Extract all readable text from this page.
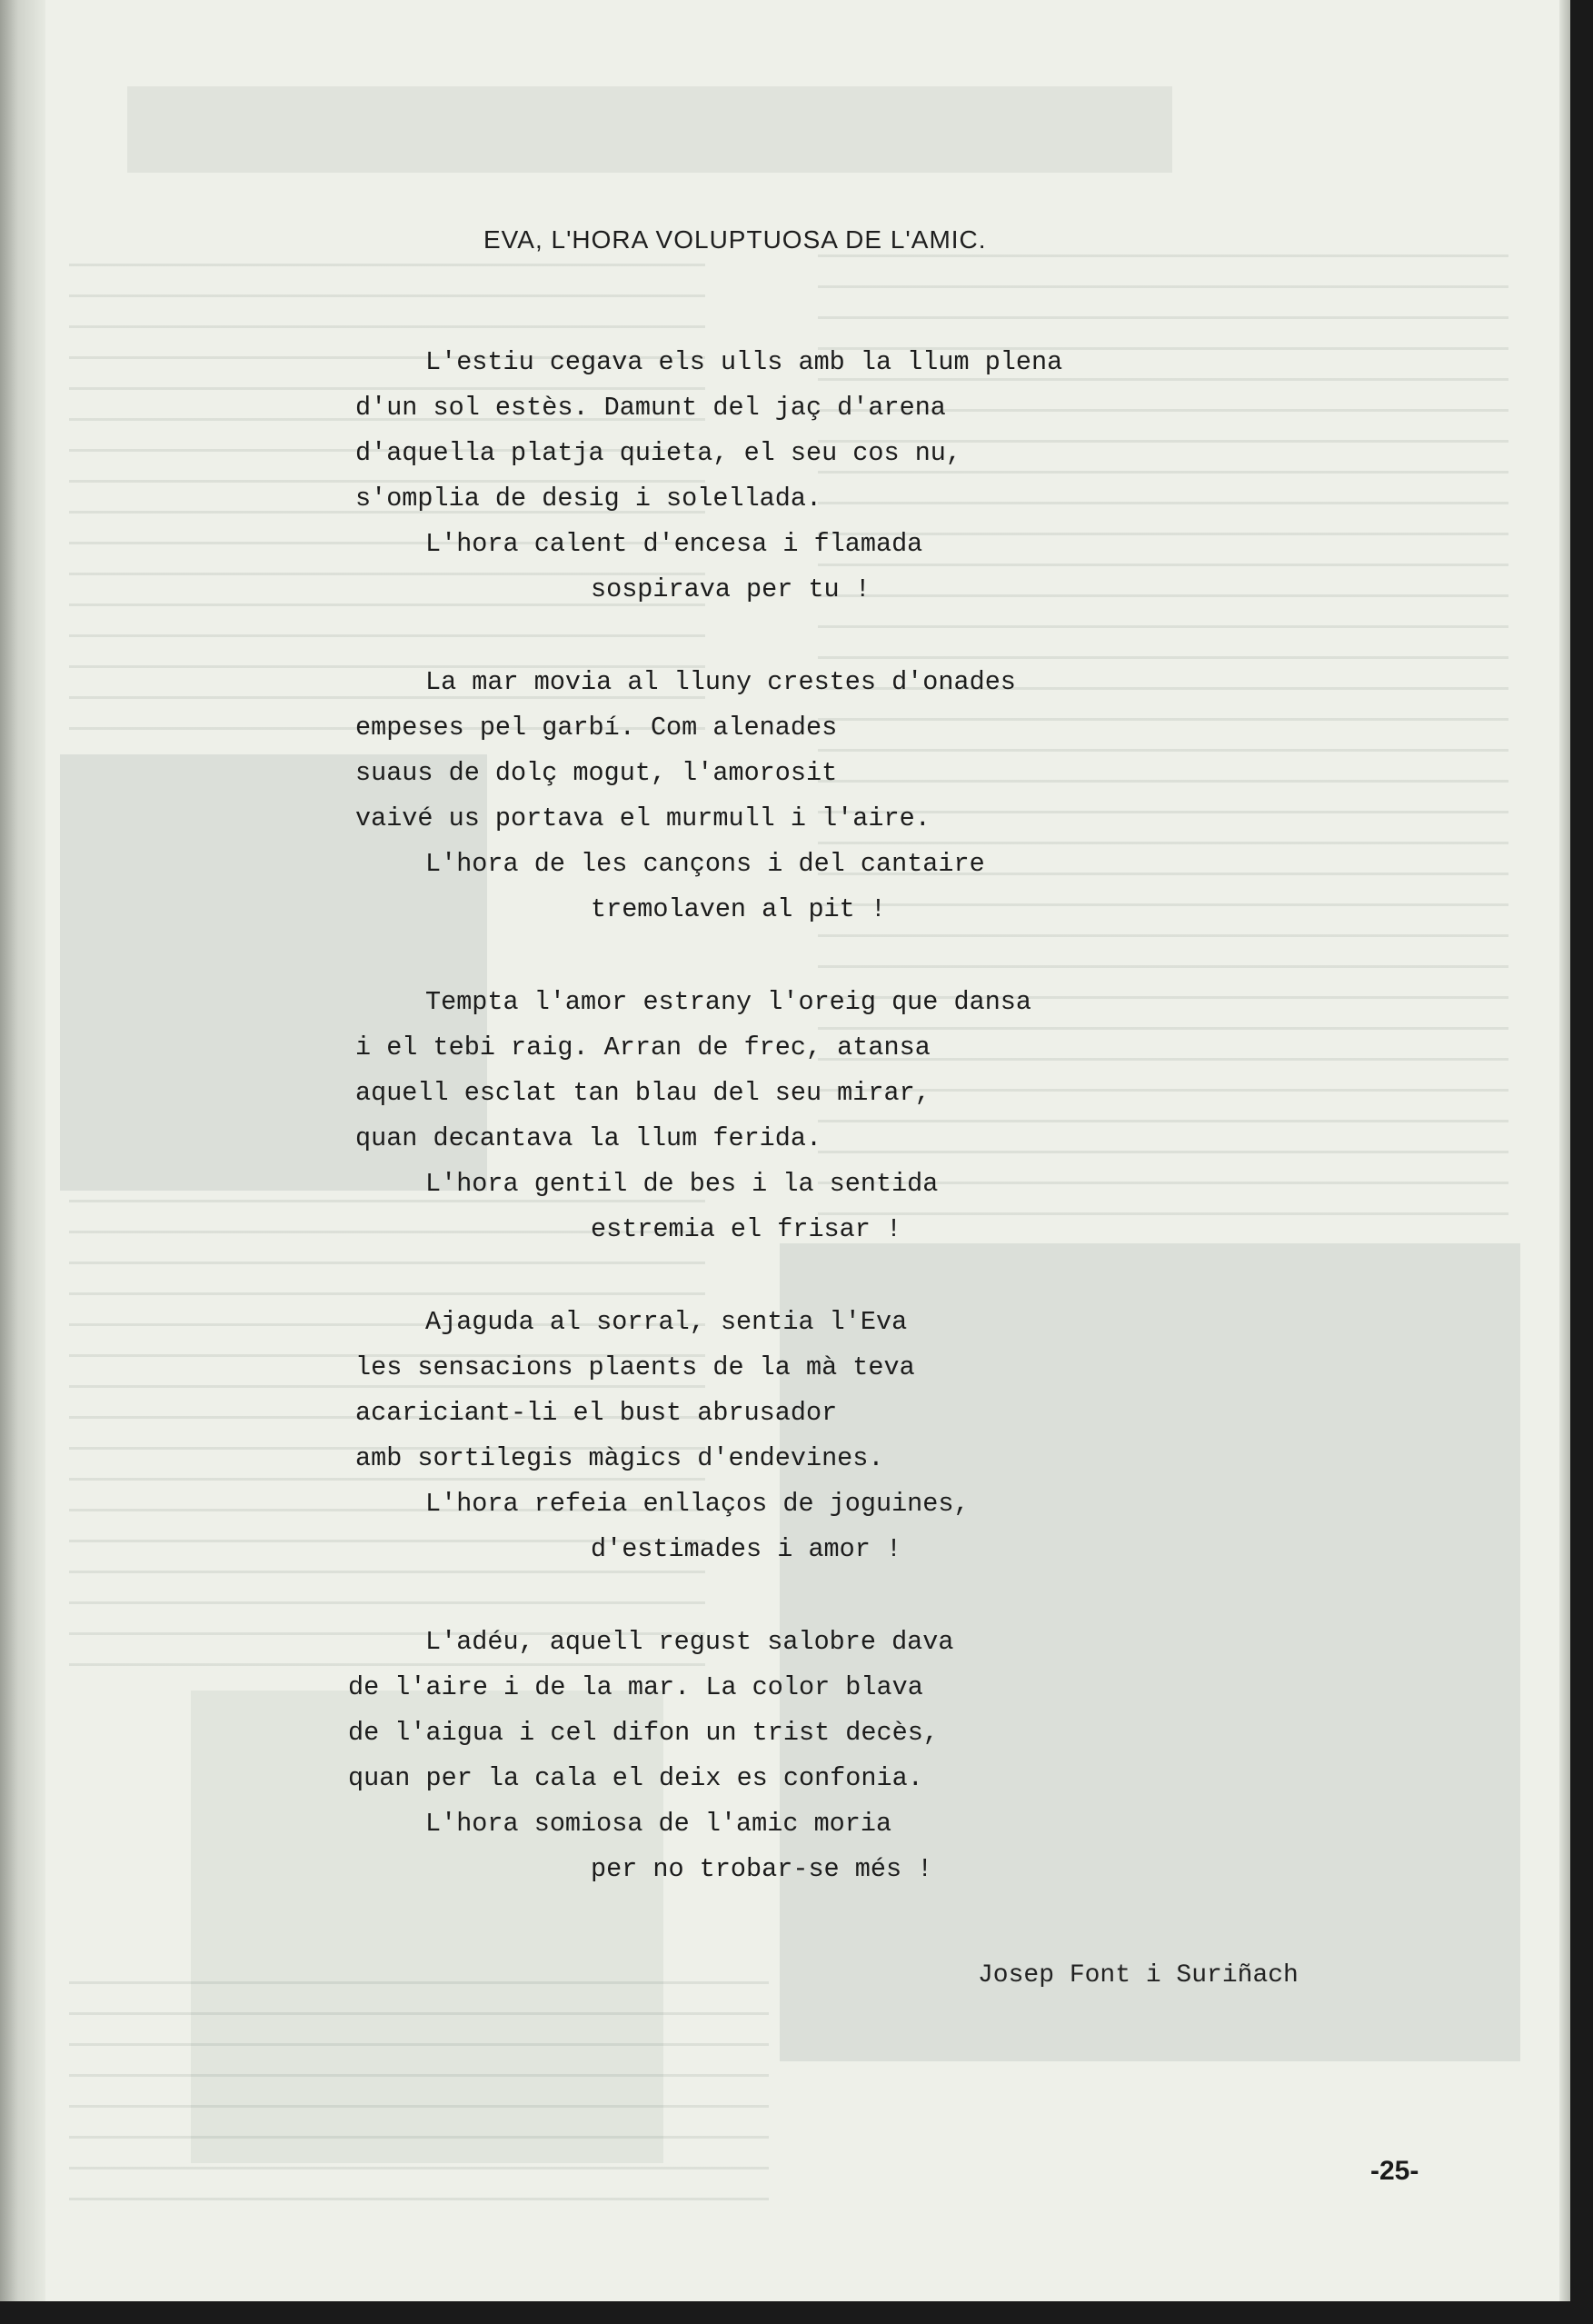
EVA, L'HORA VOLUPTUOSA DE L'AMIC.
L'estiu cegava els ulls amb la llum plena
d'un sol estès. Damunt del jaç d'arena
d'aquella platja quieta, el seu cos nu,
s'omplia de desig i solellada.
L'hora calent d'encesa i flamada
sospirava per tu !
La mar movia al lluny crestes d'onades
empeses pel garbí. Com alenades
suaus de dolç mogut, l'amorosit
vaivé us portava el murmull i l'aire.
L'hora de les cançons i del cantaire
tremolaven al pit !
Tempta l'amor estrany l'oreig que dansa
i el tebi raig. Arran de frec, atansa
aquell esclat tan blau del seu mirar,
quan decantava la llum ferida.
L'hora gentil de bes i la sentida
estremia el frisar !
Ajaguda al sorral, sentia l'Eva
les sensacions plaents de la mà teva
acariciant-li el bust abrusador
amb sortilegis màgics d'endevines.
L'hora refeia enllaços de joguines,
d'estimades i amor !
L'adéu, aquell regust salobre dava
de l'aire i de la mar. La color blava
de l'aigua i cel difon un trist decès,
quan per la cala el deix es confonia.
L'hora somiosa de l'amic moria
per no trobar-se més !
Josep Font i Suriñach
-25-
